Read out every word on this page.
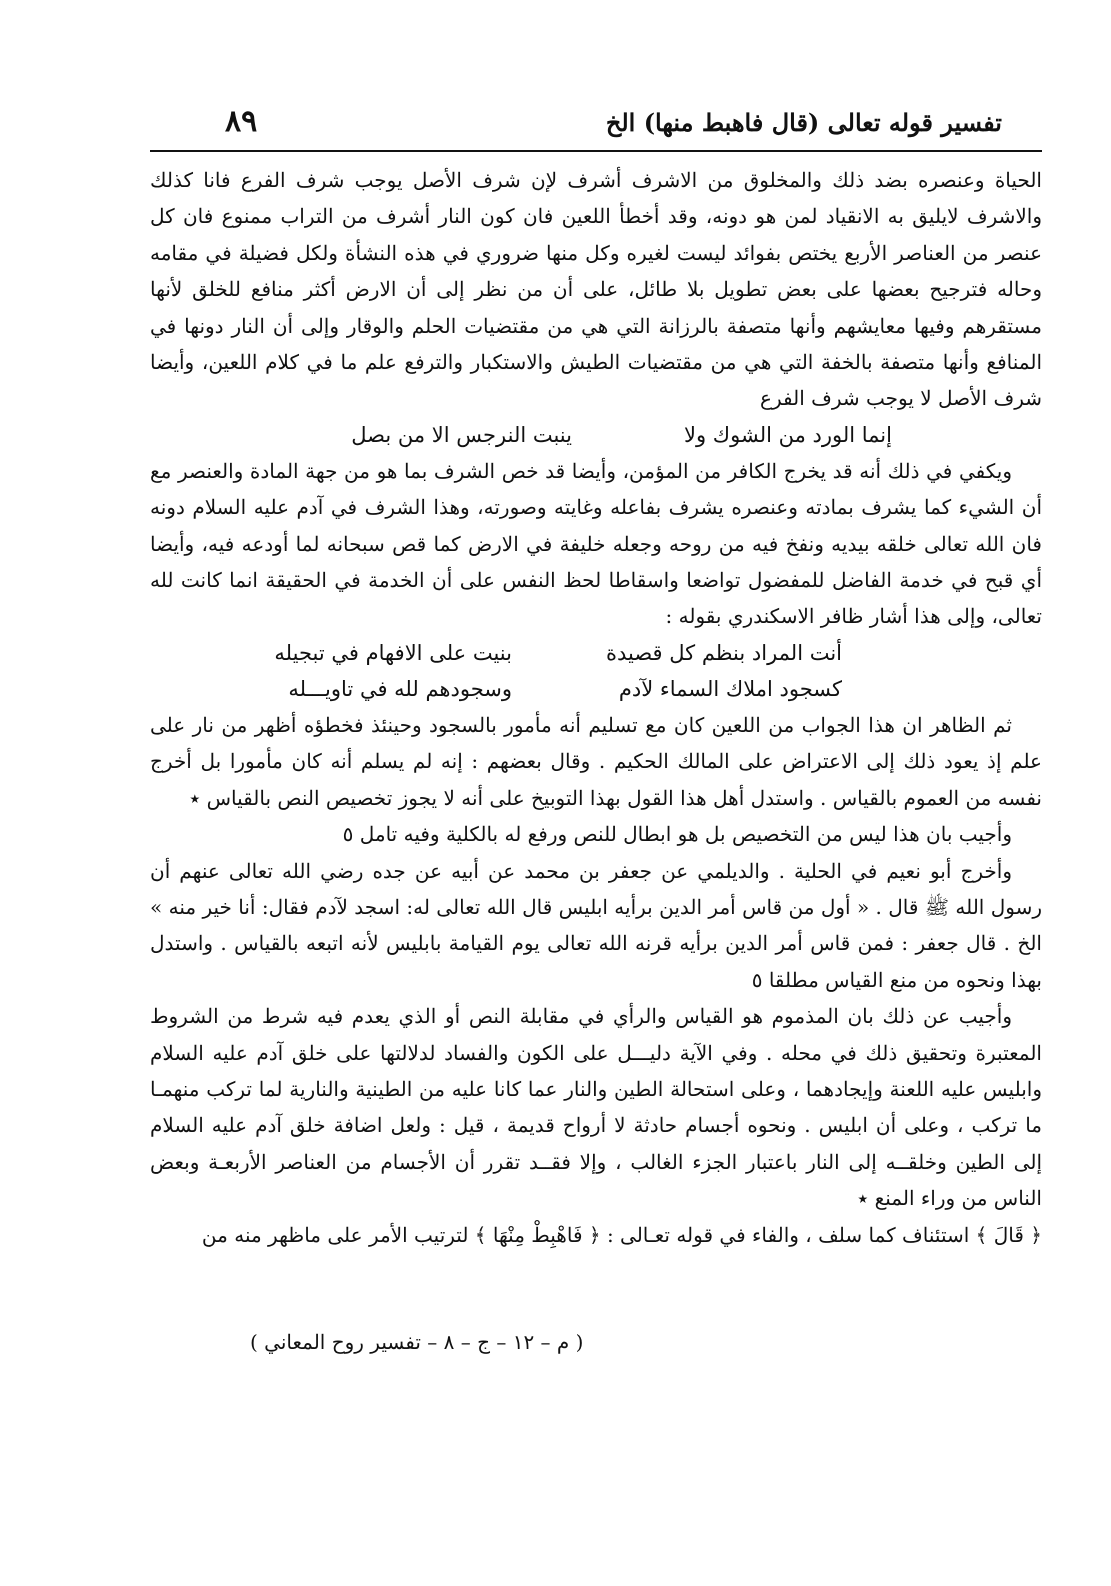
تفسير قوله تعالى (قال فاهبط منها) الخ
٨٩

الحياة وعنصره بضد ذلك والمخلوق من الاشرف أشرف لإن شرف الأصل يوجب شرف الفرع فانا كذلك والاشرف لايليق به الانقياد لمن هو دونه، وقد أخطأ اللعين فان كون النار أشرف من التراب ممنوع فان كل عنصر من العناصر الأربع يختص بفوائد ليست لغيره وكل منها ضروري في هذه النشأة ولكل فضيلة في مقامه وحاله فترجيح بعضها على بعض تطويل بلا طائل، على أن من نظر إلى أن الارض أكثر منافع للخلق لأنها مستقرهم وفيها معايشهم وأنها متصفة بالرزانة التي هي من مقتضيات الحلم والوقار وإلى أن النار دونها في المنافع وأنها متصفة بالخفة التي هي من مقتضيات الطيش والاستكبار والترفع علم ما في كلام اللعين، وأيضا شرف الأصل لا يوجب شرف الفرع

إنما الورد من الشوك ولا
ينبت النرجس الا من بصل

ويكفي في ذلك أنه قد يخرج الكافر من المؤمن، وأيضا قد خص الشرف بما هو من جهة المادة والعنصر مع أن الشيء كما يشرف بمادته وعنصره يشرف بفاعله وغايته وصورته، وهذا الشرف في آدم عليه السلام دونه فان الله تعالى خلقه بيديه ونفخ فيه من روحه وجعله خليفة في الارض كما قص سبحانه لما أودعه فيه، وأيضا أي قبح في خدمة الفاضل للمفضول تواضعا واسقاطا لحظ النفس على أن الخدمة في الحقيقة انما كانت لله تعالى، وإلى هذا أشار ظافر الاسكندري بقوله :

أنت المراد بنظم كل قصيدة
بنيت على الافهام في تبجيله
كسجود املاك السماء لآدم
وسجودهم لله في تاويـــله

ثم الظاهر ان هذا الجواب من اللعين كان مع تسليم أنه مأمور بالسجود وحينئذ فخطؤه أظهر من نار على علم إذ يعود ذلك إلى الاعتراض على المالك الحكيم . وقال بعضهم : إنه لم يسلم أنه كان مأمورا بل أخرج نفسه من العموم بالقياس . واستدل أهل هذا القول بهذا التوبيخ على أنه لا يجوز تخصيص النص بالقياس ٭

وأجيب بان هذا ليس من التخصيص بل هو ابطال للنص ورفع له بالكلية وفيه تامل ٥

وأخرج أبو نعيم في الحلية . والديلمي عن جعفر بن محمد عن أبيه عن جده رضي الله تعالى عنهم أن رسول الله ﷺ قال . « أول من قاس أمر الدين برأيه ابليس قال الله تعالى له: اسجد لآدم فقال: أنا خير منه » الخ . قال جعفر : فمن قاس أمر الدين برأيه قرنه الله تعالى يوم القيامة بابليس لأنه اتبعه بالقياس . واستدل بهذا ونحوه من منع القياس مطلقا ٥

وأجيب عن ذلك بان المذموم هو القياس والرأي في مقابلة النص أو الذي يعدم فيه شرط من الشروط المعتبرة وتحقيق ذلك في محله . وفي الآية دليـــل على الكون والفساد لدلالتها على خلق آدم عليه السلام وابليس عليه اللعنة وإيجادهما ، وعلى استحالة الطين والنار عما كانا عليه من الطينية والنارية لما تركب منهمـا ما تركب ، وعلى أن ابليس . ونحوه أجسام حادثة لا أرواح قديمة ، قيل : ولعل اضافة خلق آدم عليه السلام إلى الطين وخلقــه إلى النار باعتبار الجزء الغالب ، وإلا فقــد تقرر أن الأجسام من العناصر الأربعـة وبعض الناس من وراء المنع ٭

﴿ قَالَ ﴾ استئناف كما سلف ، والفاء في قوله تعـالى : ﴿ فَاهْبِطْ مِنْهَا ﴾ لترتيب الأمر على ماظهر منه من

( م – ١٢ – ج – ٨ – تفسير روح المعاني )
